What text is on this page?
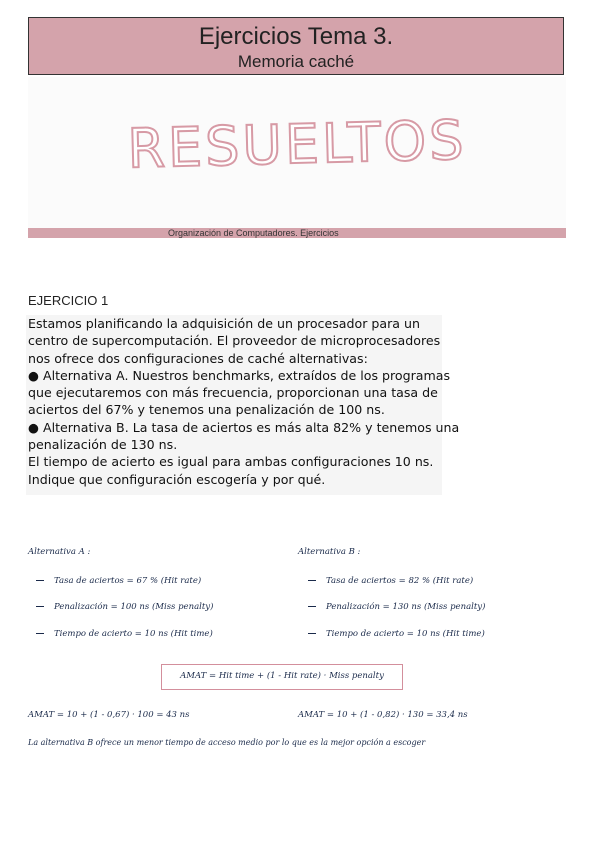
Ejercicios Tema 3.
Memoria caché
RESUELTOS
Organización de Computadores. Ejercicios
EJERCICIO 1
Estamos planificando la adquisición de un procesador para un
centro de supercomputación. El proveedor de microprocesadores
nos ofrece dos configuraciones de caché alternativas:
● Alternativa A. Nuestros benchmarks, extraídos de los programas
que ejecutaremos con más frecuencia, proporcionan una tasa de
aciertos del 67% y tenemos una penalización de 100 ns.
● Alternativa B. La tasa de aciertos es más alta 82% y tenemos una
penalización de 130 ns.
El tiempo de acierto es igual para ambas configuraciones 10 ns.
Indique que configuración escogería y por qué.
Alternativa A :
Tasa de aciertos = 67 % (Hit rate)
Penalización = 100 ns (Miss penalty)
Tiempo de acierto = 10 ns (Hit time)
Alternativa B :
Tasa de aciertos = 82 % (Hit rate)
Penalización = 130 ns (Miss penalty)
Tiempo de acierto = 10 ns (Hit time)
AMAT = Hit time + (1 - Hit rate) · Miss penalty
AMAT = 10 + (1 - 0,67) · 100 = 43 ns	AMAT = 10 + (1 - 0,82) · 130 = 33,4 ns
La alternativa B ofrece un menor tiempo de acceso medio por lo que es la mejor opción a escoger
